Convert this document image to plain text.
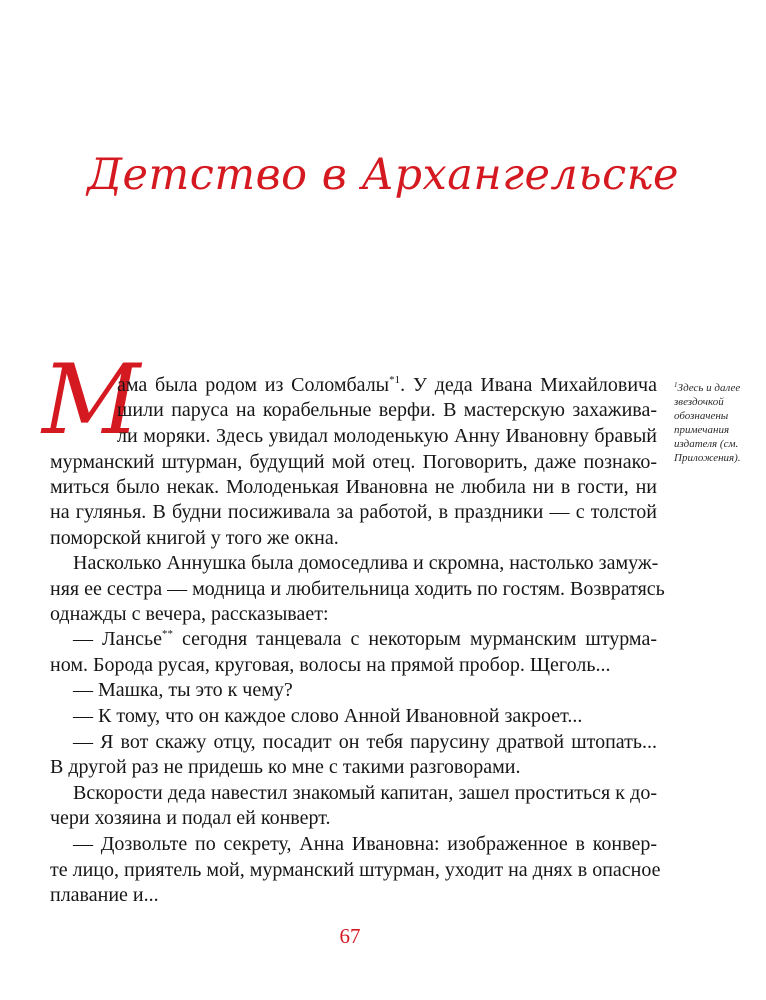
Детство в Архангельске
М
ама была родом из Соломбалы$^{*1}$. У деда Ивана Михайловича
шили паруса на корабельные верфи. В мастерскую захажива-
ли моряки. Здесь увидал молоденькую Анну Ивановну бравый
мурманский штурман, будущий мой отец. Поговорить, даже познако-
миться было некак. Молоденькая Ивановна не любила ни в гости, ни
на гулянья. В будни посиживала за работой, в праздники — с толстой
поморской книгой у того же окна.
Насколько Аннушка была домоседлива и скромна, настолько замуж-
няя ее сестра — модница и любительница ходить по гостям. Возвратясь
однажды с вечера, рассказывает:
— Лансье** сегодня танцевала с некоторым мурманским штурма-
ном. Борода русая, круговая, волосы на прямой пробор. Щеголь...
— Машка, ты это к чему?
— К тому, что он каждое слово Анной Ивановной закроет...
— Я вот скажу отцу, посадит он тебя парусину дратвой штопать...
В другой раз не придешь ко мне с такими разговорами.
Вскорости деда навестил знакомый капитан, зашел проститься к до-
чери хозяина и подал ей конверт.
— Дозвольте по секрету, Анна Ивановна: изображенное в конвер-
те лицо, приятель мой, мурманский штурман, уходит на днях в опасное
плавание и...
$^1$Здесь и далее звездочкой обозначены примечания издателя (см. Приложения).
67
